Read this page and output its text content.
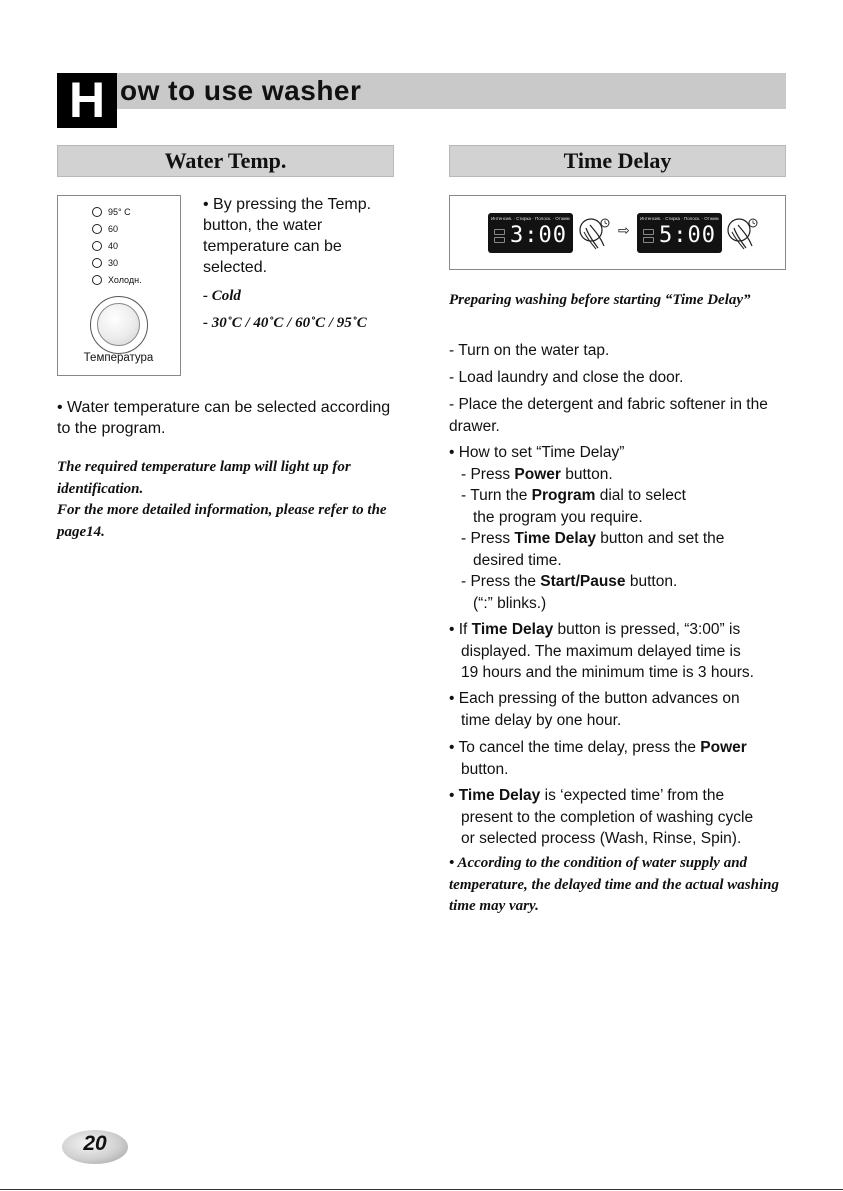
H ow to use washer
Water Temp.	Time Delay
95° C
60
40
30
Холодн.
Температура
• By pressing the Temp. button, the water temperature can be selected.
- Cold
- 30˚C / 40˚C / 60˚C / 95˚C
• Water temperature can be selected according to the program.
The required temperature lamp will light up for identification.
For the more detailed information, please refer to the page14.
Интенсив. · Стирка · Полоск. · Отжим
3:00	⇨
Интенсив. · Стирка · Полоск. · Отжим
5:00
Preparing washing before starting “Time Delay”
- Turn on the water tap.
- Load laundry and close the door.
- Place the detergent and fabric softener in the drawer.
• How to set “Time Delay”
- Press Power button.
- Turn the Program dial to select
the program you require.
- Press Time Delay button and set the
desired time.
- Press the Start/Pause button.
(“:” blinks.)
• If Time Delay button is pressed, “3:00” is
displayed. The maximum delayed time is
19 hours and the minimum time is 3 hours.
• Each pressing of the button advances on
time delay by one hour.
• To cancel the time delay, press the Power
button.
• Time Delay is ‘expected time’ from the
present to the completion of washing cycle
or selected process (Wash, Rinse, Spin).
• According to the condition of water supply and temperature, the delayed time and the actual washing time may vary.
20
